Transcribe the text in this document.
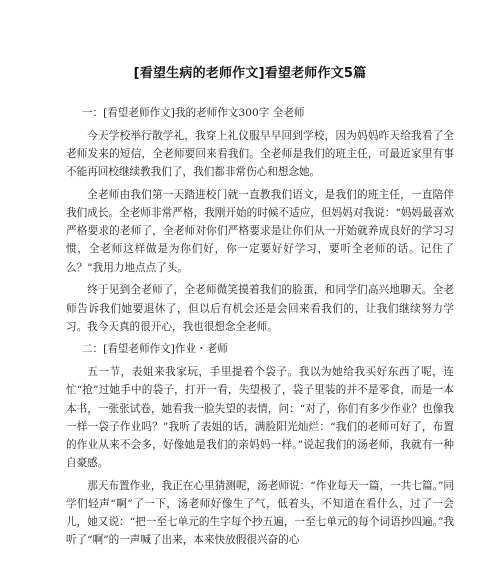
[看望生病的老师作文]看望老师作文5篇

一：[看望老师作文]我的老师作文300字 全老师

今天学校举行散学礼，我穿上礼仪服早早回到学校，因为妈妈昨天给我看了全老师发来的短信，全老师要回来看我们。全老师是我们的班主任，可最近家里有事不能再回校继续教我们了，我们都非常伤心和想念她。

全老师由我们第一天踏进校门就一直教我们语文，是我们的班主任，一直陪伴我们成长。全老师非常严格，我刚开始的时候不适应，但妈妈对我说：“妈妈最喜欢严格要求的老师了，全老师对你们严格要求是让你们从一开始就养成良好的学习习惯，全老师这样做是为你们好，你一定要好好学习，要听全老师的话。记住了么？”我用力地点点了头。

终于见到全老师了，全老师微笑摸着我们的脸蛋，和同学们高兴地聊天。全老师告诉我们她要退休了，但以后有机会还是会回来看我们的，让我们继续努力学习。我今天真的很开心，我也很想念全老师。

二：[看望老师作文]作业・老师

五一节，表姐来我家玩，手里提着个袋子。我以为她给我买好东西了呢，连忙“抢”过她手中的袋子，打开一看，失望极了，袋子里装的并不是零食，而是一本本书，一张张试卷，她看我一脸失望的表情，问：“对了，你们有多少作业？也像我一样一袋子作业吗？”我听了表姐的话，满脸阳光灿烂：“我们的老师可好了，布置的作业从来不会多，好像她是我们的亲妈妈一样。”说起我们的汤老师，我就有一种自豪感。

那天布置作业，我正在心里猜测呢，汤老师说：“作业每天一篇，一共七篇。”同学们轻声“啊”了一下，汤老师好像生了气，低着头，不知道在看什么，过了一会儿，她又说：“把一至七单元的生字每个抄五遍，一至七单元的每个词语抄四遍。”我听了“啊”的一声喊了出来，本来快放假很兴奋的心
